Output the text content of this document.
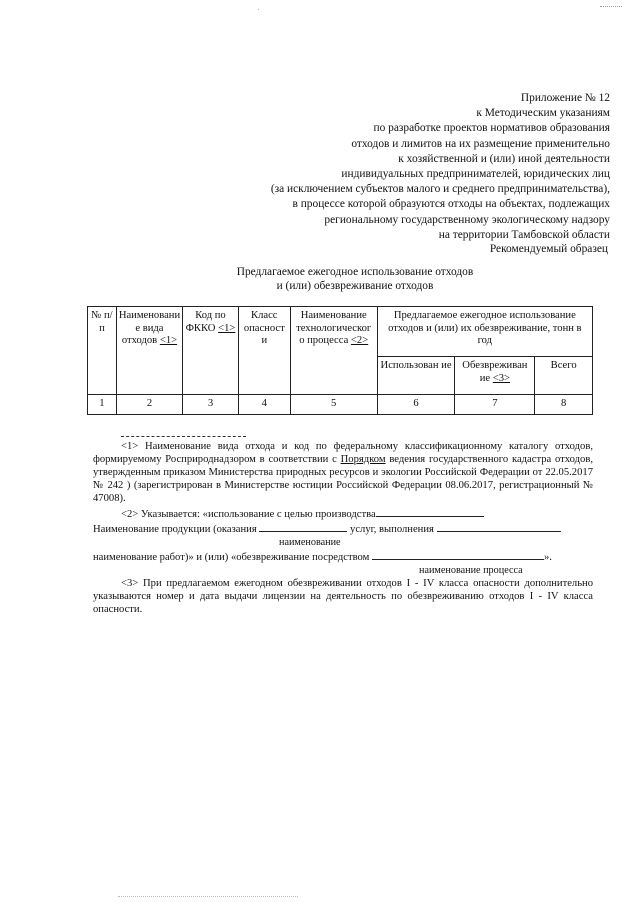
Приложение № 12
к Методическим указаниям
по разработке проектов нормативов образования
отходов и лимитов на их размещение применительно
к хозяйственной и (или) иной деятельности
индивидуальных предпринимателей, юридических лиц
(за исключением субъектов малого и среднего предпринимательства),
в процессе которой образуются отходы на объектах, подлежащих
региональному государственному экологическому надзору
на территории Тамбовской области
Рекомендуемый образец
Предлагаемое ежегодное использование отходов
и (или) обезвреживание отходов
№ п/п	Наименовани е вида отходов <1>	Код по ФККО <1>	Класс опасност и	Наименование технологическог о процесса <2>	Предлагаемое ежегодное использование отходов и (или) их обезвреживание, тонн в год		
					Использован ие	Обезвреживан ие <3>	Всего
1	2	3	4	5	6	7	8

<1> Наименование вида отхода и код по федеральному классификационному каталогу отходов, формируемому Росприроднадзором в соответствии с Порядком ведения государственного кадастра отходов, утвержденным приказом Министерства природных ресурсов и экологии Российской Федерации от 22.05.2017 № 242 ) (зарегистрирован в Министерстве юстиции Российской Федерации 08.06.2017, регистрационный № 47008).

<2> Указывается: «использование с целью производства

Наименование продукции (оказания	услуг, выполнения

наименование

наименование работ)» и (или) «обезвреживание посредством	».

наименование процесса

<3> При предлагаемом ежегодном обезвреживании отходов I - IV класса опасности дополнительно указываются номер и дата выдачи лицензии на деятельность по обезвреживанию отходов I - IV класса опасности.
